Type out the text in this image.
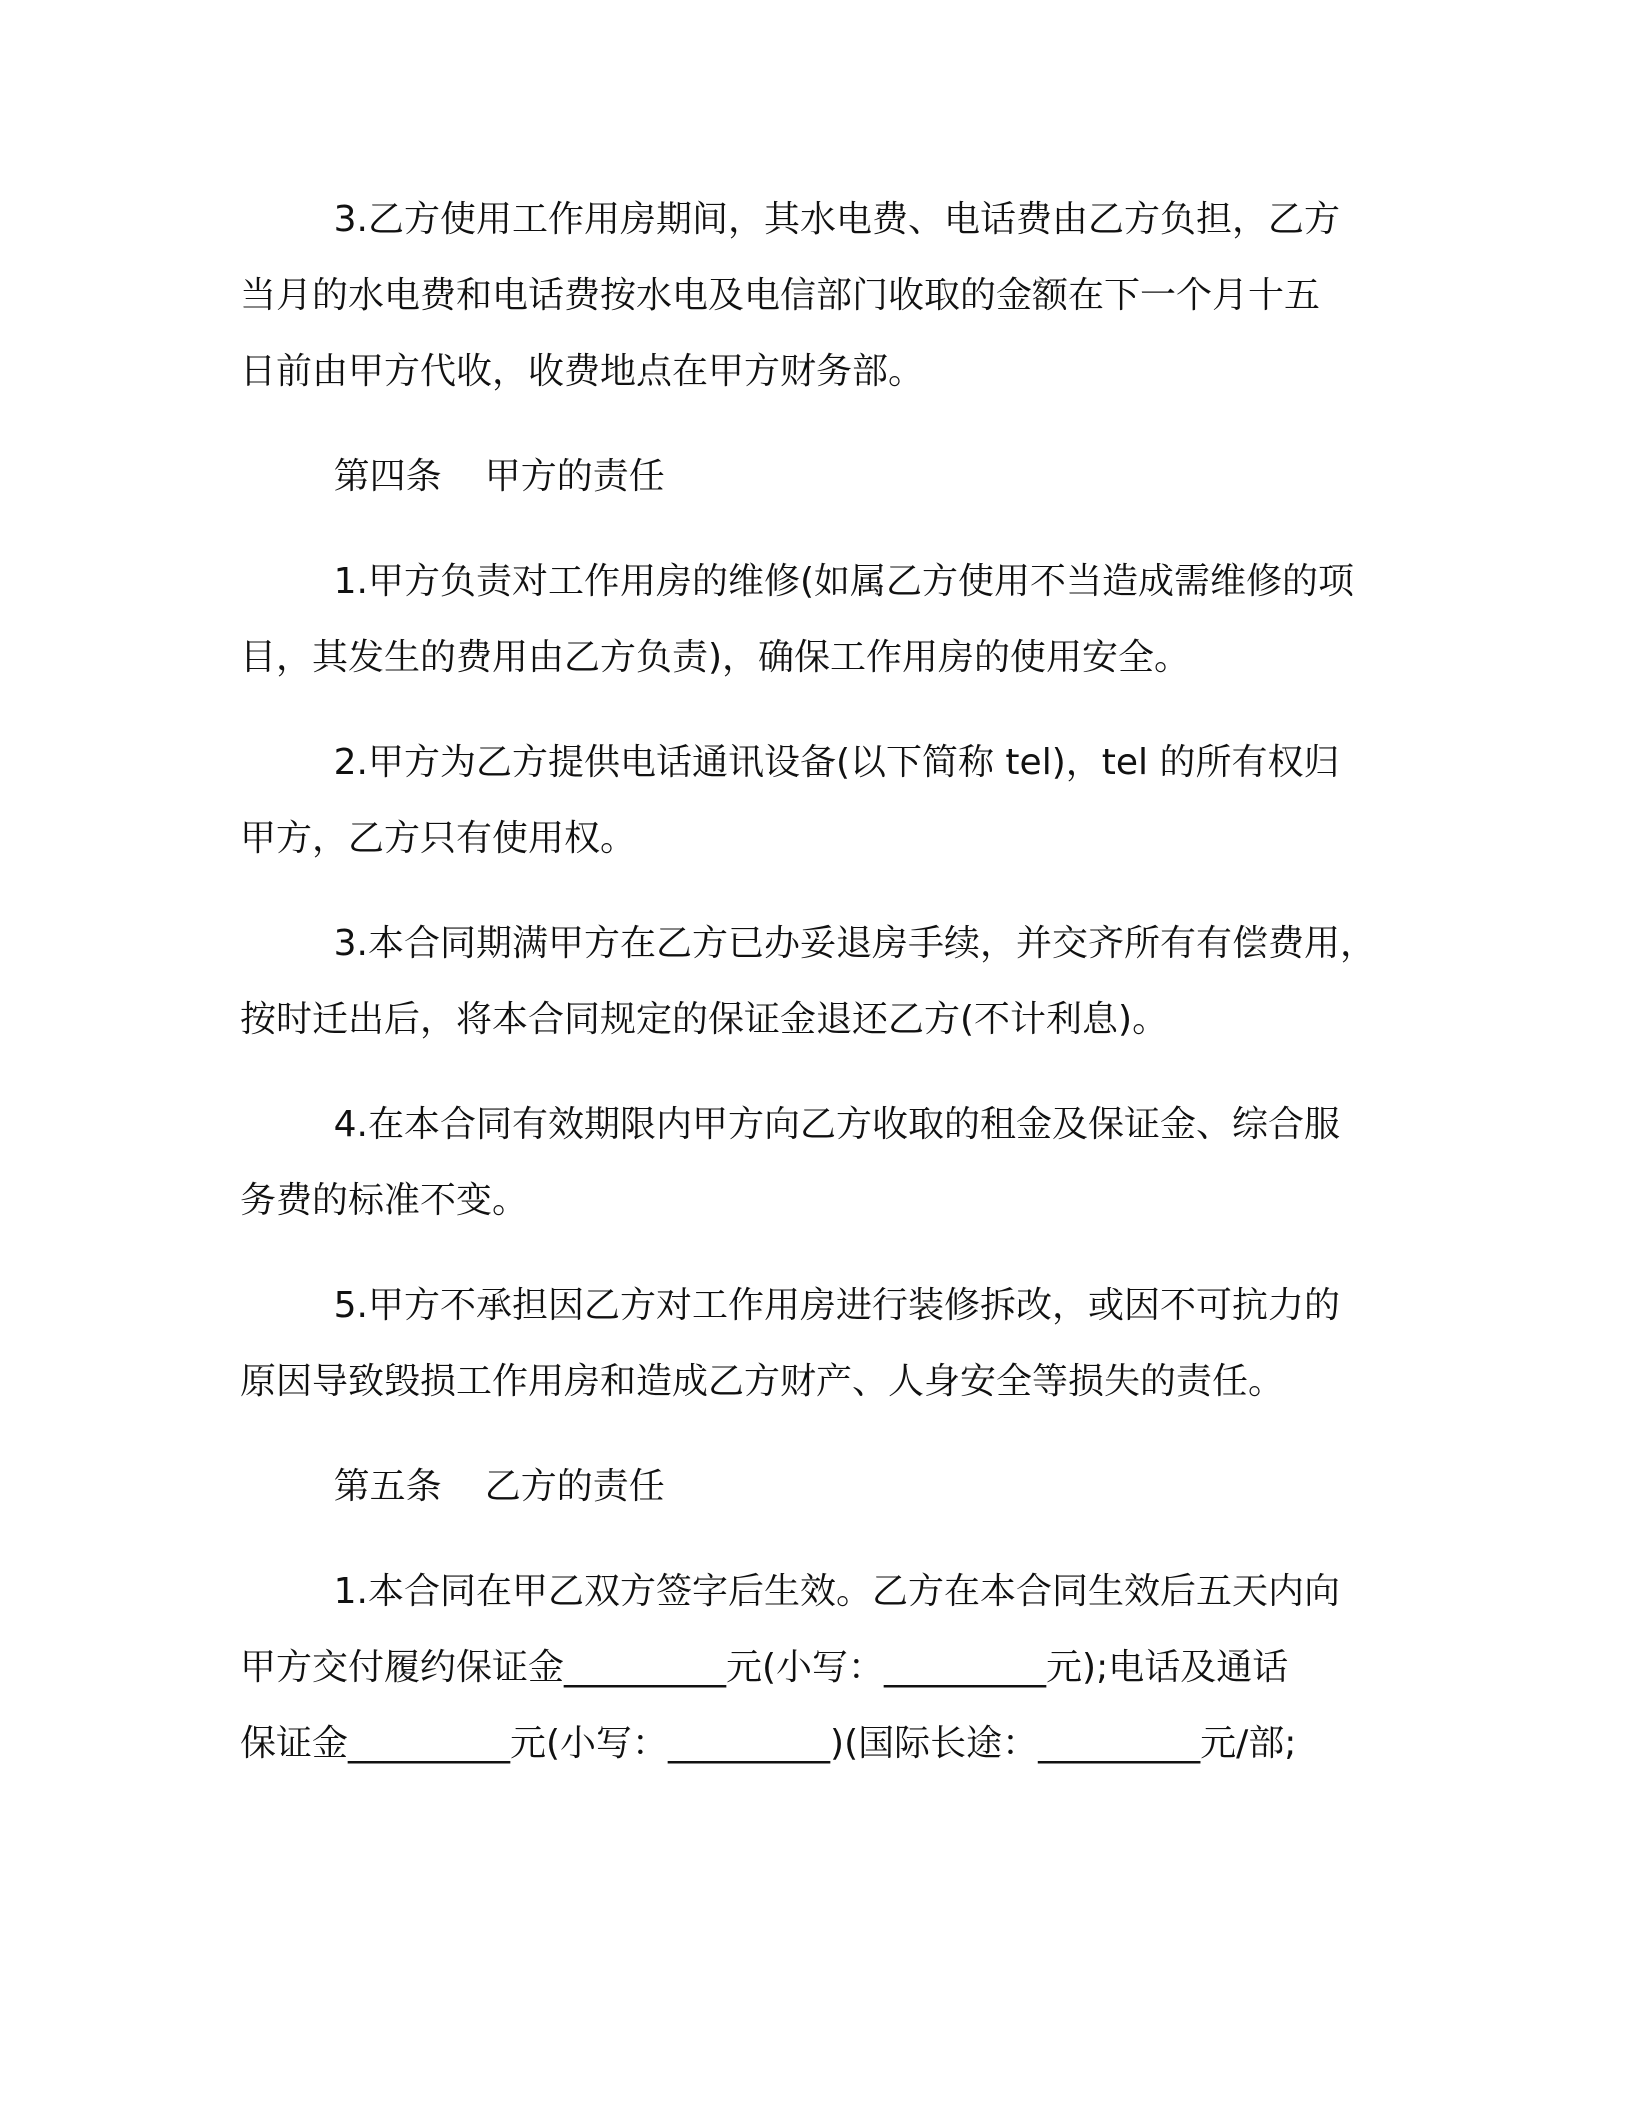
3.乙方使用工作用房期间，其水电费、电话费由乙方负担，乙方
当月的水电费和电话费按水电及电信部门收取的金额在下一个月十五
日前由甲方代收，收费地点在甲方财务部。

第四条 甲方的责任

1.甲方负责对工作用房的维修(如属乙方使用不当造成需维修的项
目，其发生的费用由乙方负责)，确保工作用房的使用安全。

2.甲方为乙方提供电话通讯设备(以下简称 tel)，tel 的所有权归
甲方，乙方只有使用权。

3.本合同期满甲方在乙方已办妥退房手续，并交齐所有有偿费用，
按时迁出后，将本合同规定的保证金退还乙方(不计利息)。

4.在本合同有效期限内甲方向乙方收取的租金及保证金、综合服
务费的标准不变。

5.甲方不承担因乙方对工作用房进行装修拆改，或因不可抗力的
原因导致毁损工作用房和造成乙方财产、人身安全等损失的责任。

第五条 乙方的责任

1.本合同在甲乙双方签字后生效。乙方在本合同生效后五天内向
甲方交付履约保证金_________元(小写：_________元);电话及通话
保证金_________元(小写：_________)(国际长途：_________元/部;
